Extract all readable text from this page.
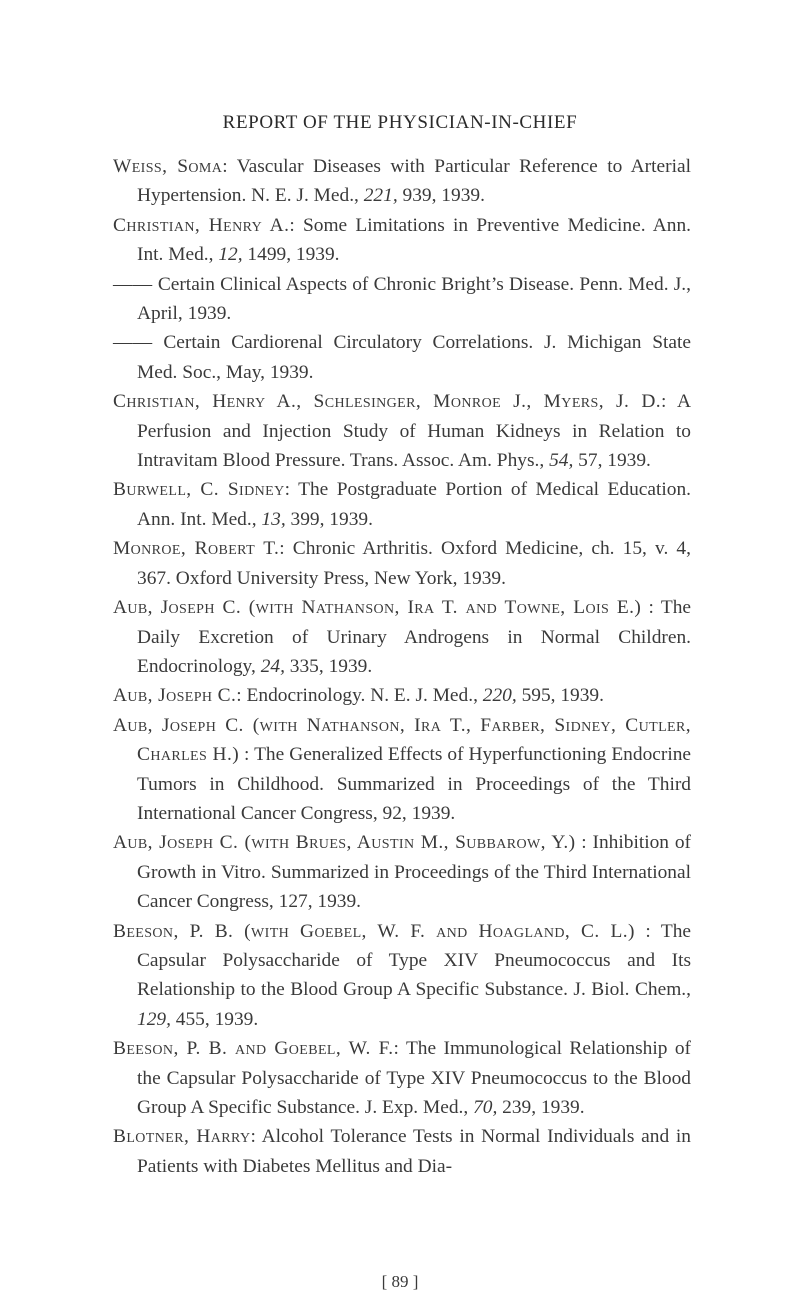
REPORT OF THE PHYSICIAN-IN-CHIEF
Weiss, Soma: Vascular Diseases with Particular Reference to Arterial Hypertension. N. E. J. Med., 221, 939, 1939.
Christian, Henry A.: Some Limitations in Preventive Medicine. Ann. Int. Med., 12, 1499, 1939.
—— Certain Clinical Aspects of Chronic Bright’s Disease. Penn. Med. J., April, 1939.
—— Certain Cardiorenal Circulatory Correlations. J. Michigan State Med. Soc., May, 1939.
Christian, Henry A., Schlesinger, Monroe J., Myers, J. D.: A Perfusion and Injection Study of Human Kidneys in Relation to Intravitam Blood Pressure. Trans. Assoc. Am. Phys., 54, 57, 1939.
Burwell, C. Sidney: The Postgraduate Portion of Medical Education. Ann. Int. Med., 13, 399, 1939.
Monroe, Robert T.: Chronic Arthritis. Oxford Medicine, ch. 15, v. 4, 367. Oxford University Press, New York, 1939.
Aub, Joseph C. (with Nathanson, Ira T. and Towne, Lois E.) : The Daily Excretion of Urinary Androgens in Normal Children. Endocrinology, 24, 335, 1939.
Aub, Joseph C.: Endocrinology. N. E. J. Med., 220, 595, 1939.
Aub, Joseph C. (with Nathanson, Ira T., Farber, Sidney, Cutler, Charles H.) : The Generalized Effects of Hyperfunctioning Endocrine Tumors in Childhood. Summarized in Proceedings of the Third International Cancer Congress, 92, 1939.
Aub, Joseph C. (with Brues, Austin M., Subbarow, Y.) : Inhibition of Growth in Vitro. Summarized in Proceedings of the Third International Cancer Congress, 127, 1939.
Beeson, P. B. (with Goebel, W. F. and Hoagland, C. L.) : The Capsular Polysaccharide of Type XIV Pneumococcus and Its Relationship to the Blood Group A Specific Substance. J. Biol. Chem., 129, 455, 1939.
Beeson, P. B. and Goebel, W. F.: The Immunological Relationship of the Capsular Polysaccharide of Type XIV Pneumococcus to the Blood Group A Specific Substance. J. Exp. Med., 70, 239, 1939.
Blotner, Harry: Alcohol Tolerance Tests in Normal Individuals and in Patients with Diabetes Mellitus and Dia-
[ 89 ]
